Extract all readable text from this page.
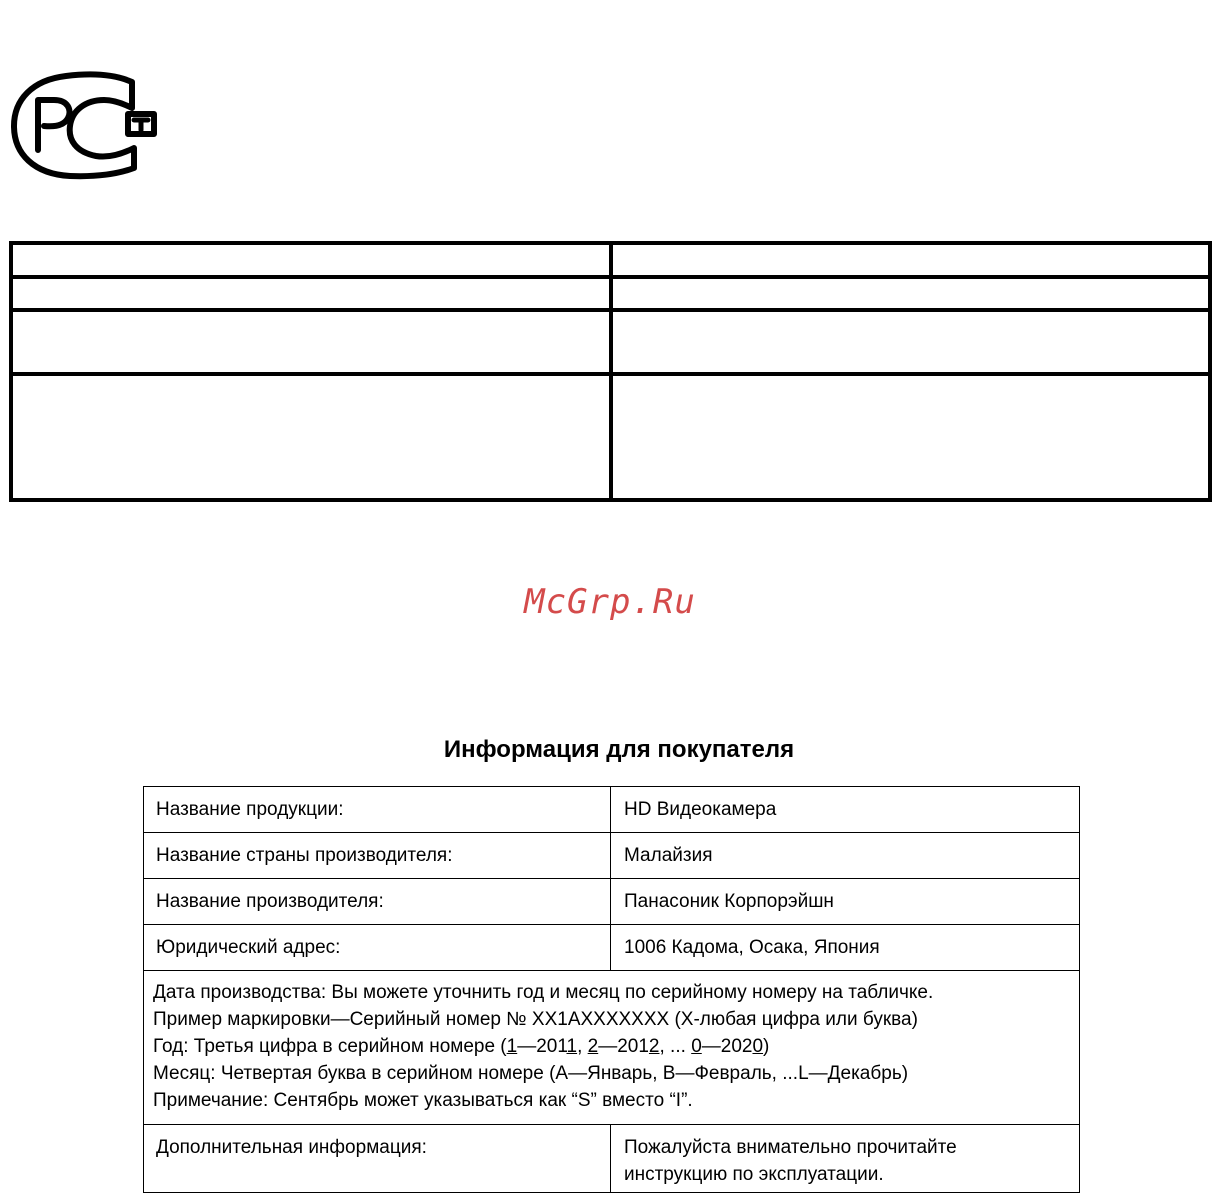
McGrp.Ru
Информация для покупателя
Название продукции:	HD Видеокамера
Название страны производителя:	Малайзия
Название производителя:	Панасоник Корпорэйшн
Юридический адрес:	1006 Кадома, Осака, Япония

Дата производства: Вы можете уточнить год и месяц по серийному номеру на табличке.
Пример маркировки—Серийный номер № XX1AXXXXXXX (X-любая цифра или буква)
Год: Третья цифра в серийном номере (1—2011, 2—2012, ... 0—2020)
Месяц: Четвертая буква в серийном номере (A—Январь, B—Февраль, ...L—Декабрь)
Примечание: Сентябрь может указываться как “S” вместо “I”.	

Дополнительная информация:	Пожалуйста внимательно прочитайте
инструкцию по эксплуатации.
